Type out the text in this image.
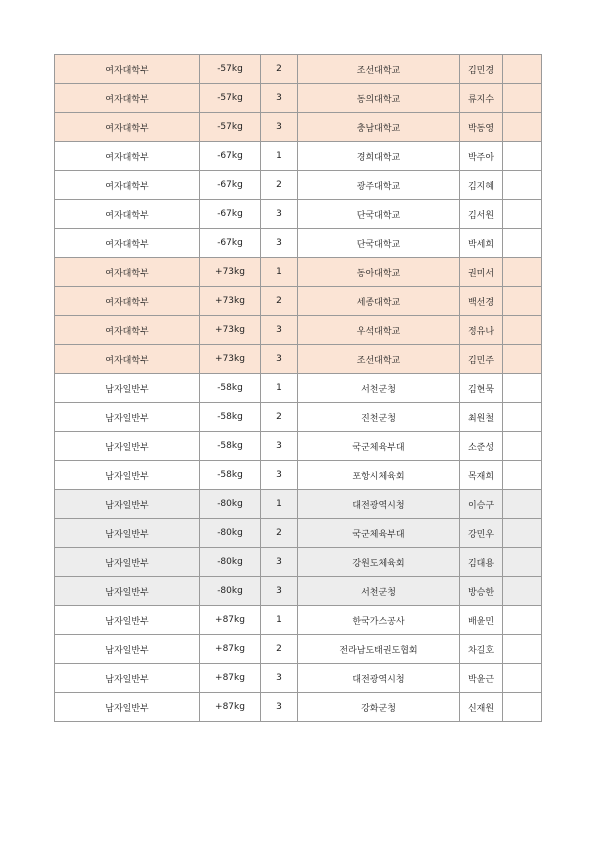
여자대학부	-57kg	2	조선대학교	김민경	
여자대학부	-57kg	3	동의대학교	류지수	
여자대학부	-57kg	3	충남대학교	박동영	
여자대학부	-67kg	1	경희대학교	박주아	
여자대학부	-67kg	2	광주대학교	김지혜	
여자대학부	-67kg	3	단국대학교	김서원	
여자대학부	-67kg	3	단국대학교	박세희	
여자대학부	+73kg	1	동아대학교	권미서	
여자대학부	+73kg	2	세종대학교	백선경	
여자대학부	+73kg	3	우석대학교	정유나	
여자대학부	+73kg	3	조선대학교	김민주	
남자일반부	-58kg	1	서천군청	김현묵	
남자일반부	-58kg	2	진천군청	최원철	
남자일반부	-58kg	3	국군체육부대	소준성	
남자일반부	-58kg	3	포항시체육회	목재희	
남자일반부	-80kg	1	대전광역시청	이승구	
남자일반부	-80kg	2	국군체육부대	강민우	
남자일반부	-80kg	3	강원도체육회	김대용	
남자일반부	-80kg	3	서천군청	방승한	
남자일반부	+87kg	1	한국가스공사	배윤민	
남자일반부	+87kg	2	전라남도태권도협회	차길호	
남자일반부	+87kg	3	대전광역시청	박윤근	
남자일반부	+87kg	3	강화군청	신재원	
